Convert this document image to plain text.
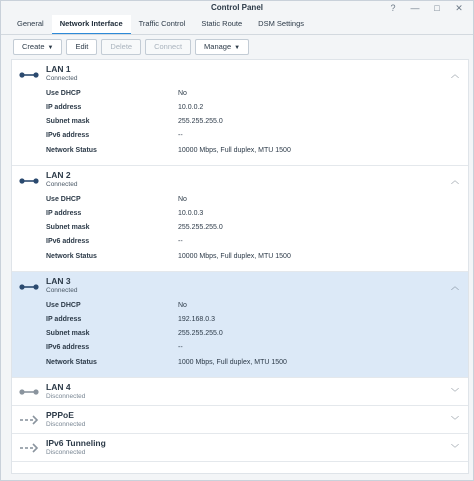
Control Panel	?	—	□	✕
General	Network Interface	Traffic Control	Static Route	DSM Settings
Create ▼	Edit	Delete	Connect	Manage ▼
LAN 1
Connected	︿
Use DHCP	No
IP address	10.0.0.2
Subnet mask	255.255.255.0
IPv6 address	--
Network Status	10000 Mbps, Full duplex, MTU 1500
LAN 2
Connected	︿
Use DHCP	No
IP address	10.0.0.3
Subnet mask	255.255.255.0
IPv6 address	--
Network Status	10000 Mbps, Full duplex, MTU 1500
LAN 3
Connected	︿
Use DHCP	No
IP address	192.168.0.3
Subnet mask	255.255.255.0
IPv6 address	--
Network Status	1000 Mbps, Full duplex, MTU 1500
LAN 4
Disconnected	﹀
PPPoE
Disconnected	﹀
IPv6 Tunneling
Disconnected	﹀
